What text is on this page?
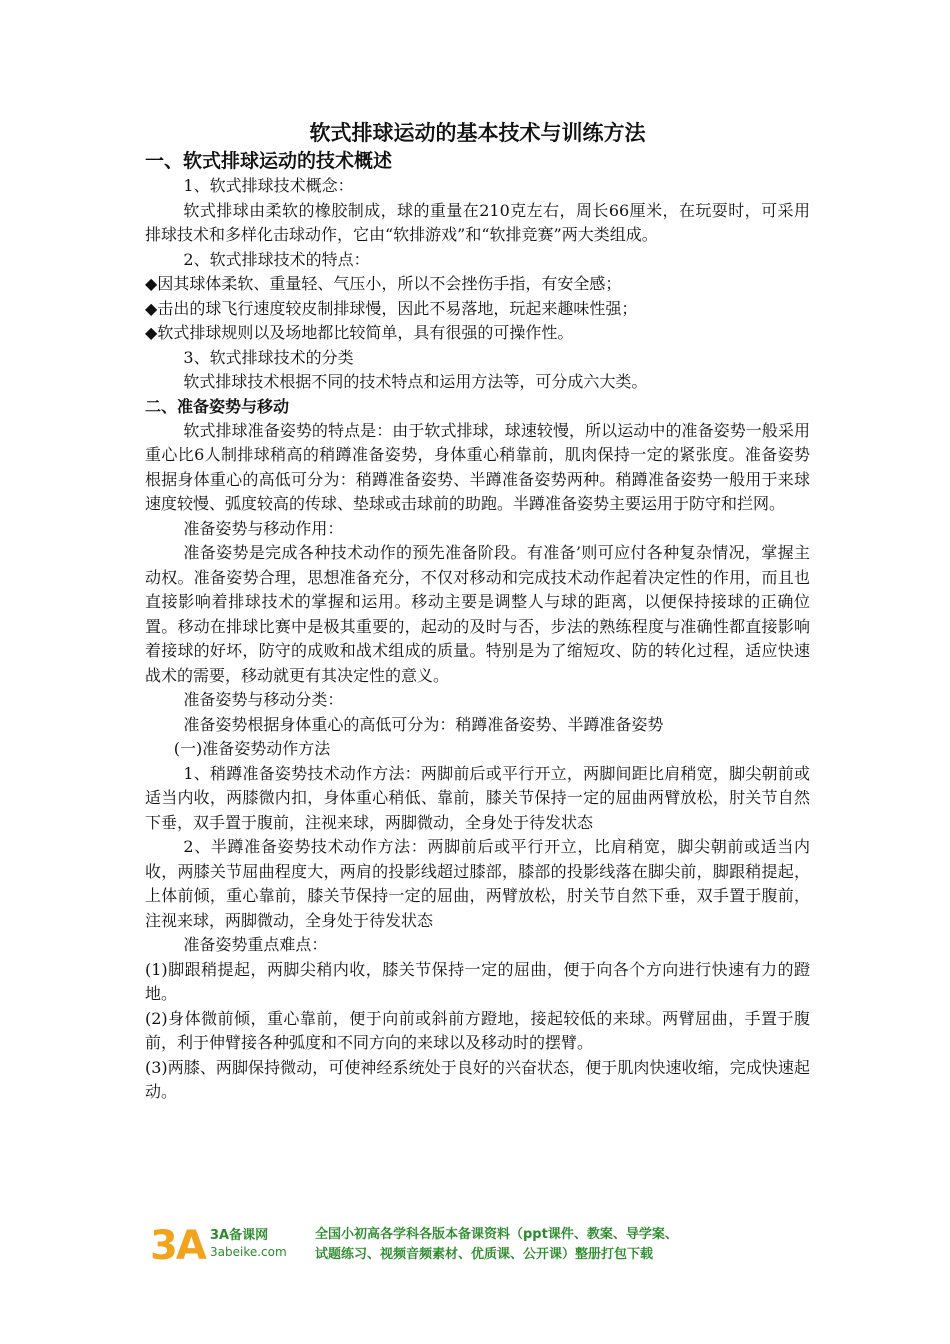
软式排球运动的基本技术与训练方法

一、软式排球运动的技术概述

1、软式排球技术概念：

软式排球由柔软的橡胶制成，球的重量在210克左右，周长66厘米，在玩耍时，可采用排球技术和多样化击球动作，它由“软排游戏”和“软排竞赛”两大类组成。

2、软式排球技术的特点：

◆ 因其球体柔软、重量轻、气压小，所以不会挫伤手指，有安全感；

◆ 击出的球飞行速度较皮制排球慢，因此不易落地，玩起来趣味性强；

◆ 软式排球规则以及场地都比较简单，具有很强的可操作性。

3、软式排球技术的分类

软式排球技术根据不同的技术特点和运用方法等，可分成六大类。

二、准备姿势与移动

软式排球准备姿势的特点是：由于软式排球，球速较慢，所以运动中的准备姿势一般采用重心比6人制排球稍高的稍蹲准备姿势，身体重心稍靠前，肌肉保持一定的紧张度。准备姿势根据身体重心的高低可分为：稍蹲准备姿势、半蹲准备姿势两种。稍蹲准备姿势一般用于来球速度较慢、弧度较高的传球、垫球或击球前的助跑。半蹲准备姿势主要运用于防守和拦网。

准备姿势与移动作用：

准备姿势是完成各种技术动作的预先准备阶段。有准备’则可应付各种复杂情况，掌握主动权。准备姿势合理，思想准备充分，不仅对移动和完成技术动作起着决定性的作用，而且也直接影响着排球技术的掌握和运用。移动主要是调整人与球的距离，以便保持接球的正确位置。移动在排球比赛中是极其重要的，起动的及时与否，步法的熟练程度与准确性都直接影响着接球的好坏，防守的成败和战术组成的质量。特别是为了缩短攻、防的转化过程，适应快速战术的需要，移动就更有其决定性的意义。

准备姿势与移动分类：

准备姿势根据身体重心的高低可分为：稍蹲准备姿势、半蹲准备姿势

(一)准备姿势动作方法

1、稍蹲准备姿势技术动作方法：两脚前后或平行开立，两脚间距比肩稍宽，脚尖朝前或适当内收，两膝微内扣，身体重心稍低、靠前，膝关节保持一定的屈曲两臂放松，肘关节自然下垂，双手置于腹前，注视来球，两脚微动，全身处于待发状态

2、半蹲准备姿势技术动作方法：两脚前后或平行开立，比肩稍宽，脚尖朝前或适当内收，两膝关节屈曲程度大，两肩的投影线超过膝部，膝部的投影线落在脚尖前，脚跟稍提起，上体前倾，重心靠前，膝关节保持一定的屈曲，两臂放松，肘关节自然下垂，双手置于腹前，注视来球，两脚微动，全身处于待发状态

准备姿势重点难点：

(1)脚跟稍提起，两脚尖稍内收，膝关节保持一定的屈曲，便于向各个方向进行快速有力的蹬地。

(2)身体微前倾，重心靠前，便于向前或斜前方蹬地，接起较低的来球。两臂屈曲，手置于腹前，利于伸臂接各种弧度和不同方向的来球以及移动时的摆臂。

(3)两膝、两脚保持微动，可使神经系统处于良好的兴奋状态，便于肌肉快速收缩，完成快速起动。

3A 3A备课网
3abeike.com
全国小初高各学科各版本备课资料（ppt课件、教案、导学案、
试题练习、视频音频素材、优质课、公开课）整册打包下载
